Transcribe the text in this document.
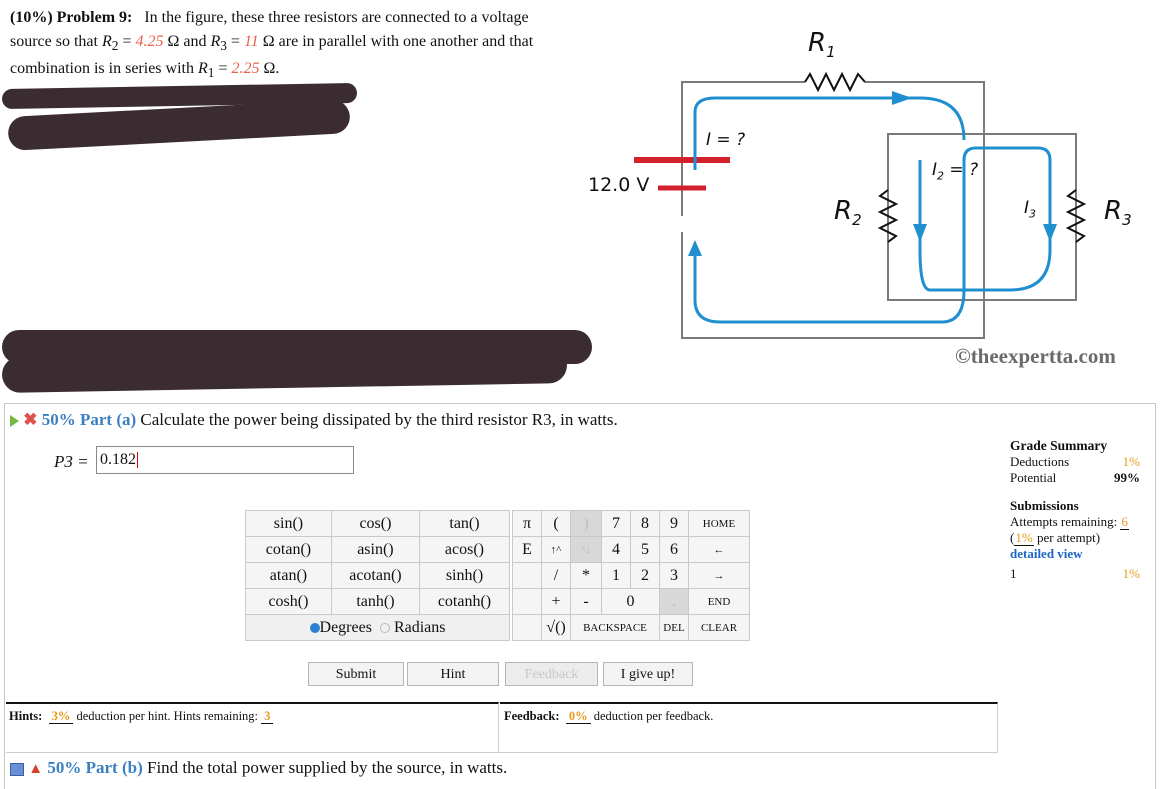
(10%) Problem 9: In the figure, these three resistors are connected to a voltage source so that $R_2 = 4.25$ Ω and $R_3 = 11$ Ω are in parallel with one another and that combination is in series with $R_1 = 2.25$ Ω.
12.0 V
$R_1$
I = ?
$I_2$ = ?
$R_2$
$I_3$	$R_3$
©theexpertta.com
✖ 50% Part (a) Calculate the power being dissipated by the third resistor R3, in watts.
P3 = 0.182
sin()	cos()	tan()
cotan()	asin()	acos()
atan()	acotan()	sinh()
cosh()	tanh()	cotanh()
Degrees Radians		
π	(	)	7	8	9	HOME
E	↑^	^↓	4	5	6	←
	/	*	1	2	3	→
	+	-	0		.	END
	√()	BACKSPACE			DEL	CLEAR
Submit	Hint	Feedback	I give up!
Grade Summary
Deductions	1%
Potential	99%
Submissions
Attempts remaining: 6
(1% per attempt)
detailed view
1	1%
Hints: 3% deduction per hint. Hints remaining: 3	Feedback: 0% deduction per feedback.
▲ 50% Part (b) Find the total power supplied by the source, in watts.
